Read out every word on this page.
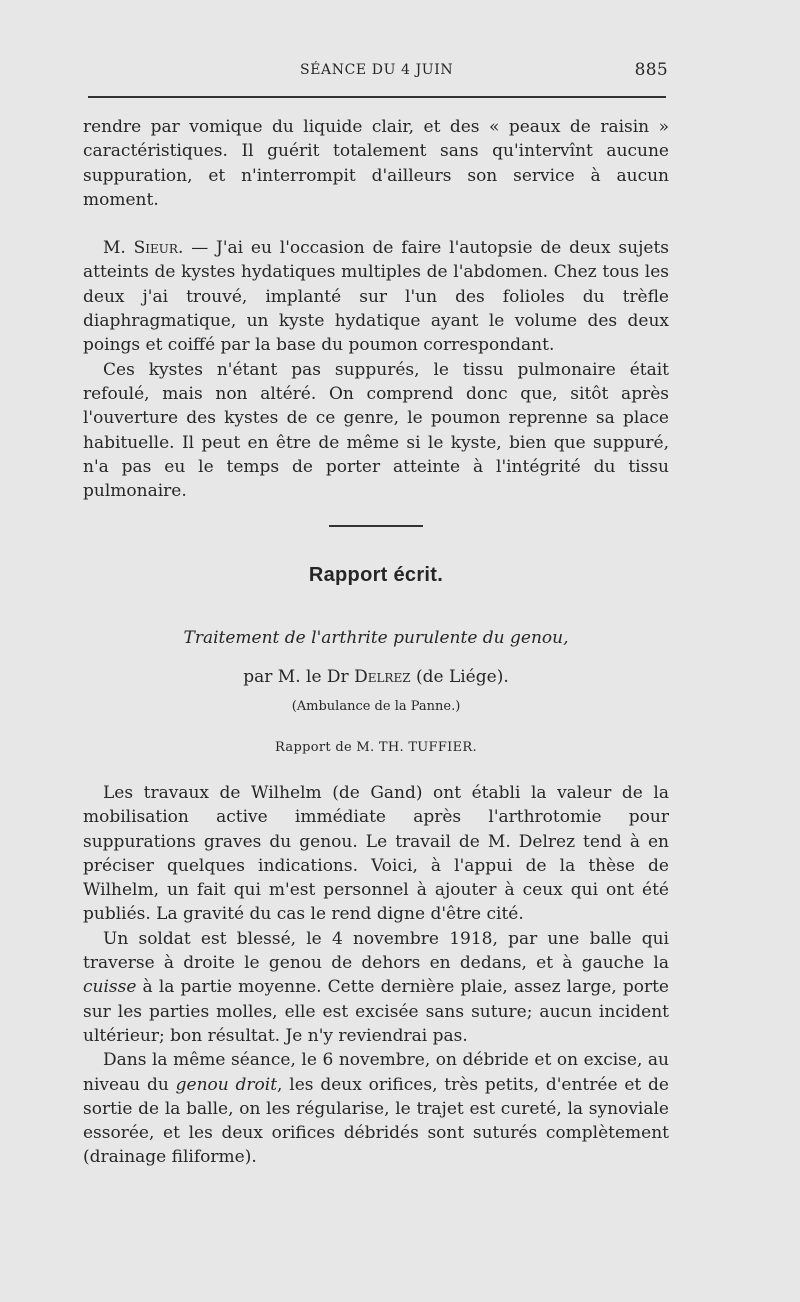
SÉANCE DU 4 JUIN	885

rendre par vomique du liquide clair, et des « peaux de raisin » caractéristiques. Il guérit totalement sans qu'intervînt aucune suppuration, et n'interrompit d'ailleurs son service à aucun moment.

M. Sieur. — J'ai eu l'occasion de faire l'autopsie de deux sujets atteints de kystes hydatiques multiples de l'abdomen. Chez tous les deux j'ai trouvé, implanté sur l'un des folioles du trèfle diaphragmatique, un kyste hydatique ayant le volume des deux poings et coiffé par la base du poumon correspondant.

Ces kystes n'étant pas suppurés, le tissu pulmonaire était refoulé, mais non altéré. On comprend donc que, sitôt après l'ouverture des kystes de ce genre, le poumon reprenne sa place habituelle. Il peut en être de même si le kyste, bien que suppuré, n'a pas eu le temps de porter atteinte à l'intégrité du tissu pulmonaire.

Rapport écrit.
Traitement de l'arthrite purulente du genou,
par M. le Dr Delrez (de Liége).
(Ambulance de la Panne.)
Rapport de M. TH. TUFFIER.

Les travaux de Wilhelm (de Gand) ont établi la valeur de la mobilisation active immédiate après l'arthrotomie pour suppurations graves du genou. Le travail de M. Delrez tend à en préciser quelques indications. Voici, à l'appui de la thèse de Wilhelm, un fait qui m'est personnel à ajouter à ceux qui ont été publiés. La gravité du cas le rend digne d'être cité.

Un soldat est blessé, le 4 novembre 1918, par une balle qui traverse à droite le genou de dehors en dedans, et à gauche la cuisse à la partie moyenne. Cette dernière plaie, assez large, porte sur les parties molles, elle est excisée sans suture; aucun incident ultérieur; bon résultat. Je n'y reviendrai pas.

Dans la même séance, le 6 novembre, on débride et on excise, au niveau du genou droit, les deux orifices, très petits, d'entrée et de sortie de la balle, on les régularise, le trajet est cureté, la synoviale essorée, et les deux orifices débridés sont suturés complètement (drainage filiforme).
